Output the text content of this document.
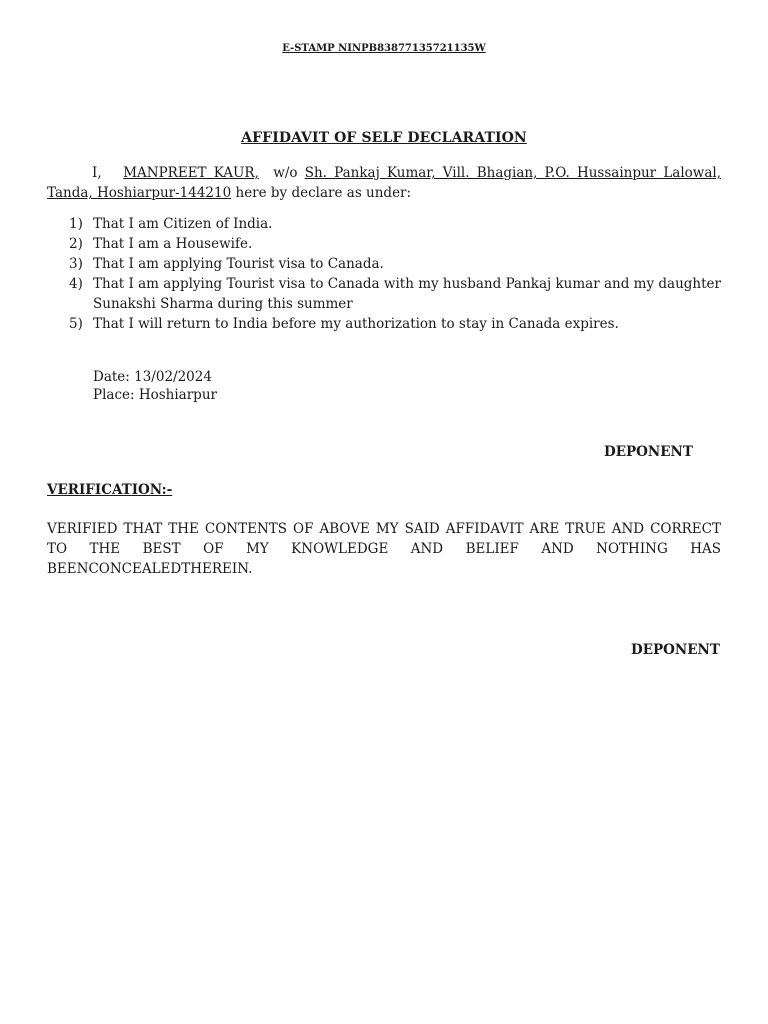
E-STAMP NINPB83877135721135W
AFFIDAVIT OF SELF DECLARATION
I, MANPREET KAUR, w/o Sh. Pankaj Kumar, Vill. Bhagian, P.O. Hussainpur Lalowal, Tanda, Hoshiarpur-144210 here by declare as under:
1) That I am Citizen of India.
2) That I am a Housewife.
3) That I am applying Tourist visa to Canada.
4) That I am applying Tourist visa to Canada with my husband Pankaj kumar and my daughter Sunakshi Sharma during this summer
5) That I will return to India before my authorization to stay in Canada expires.
Date: 13/02/2024
Place: Hoshiarpur
DEPONENT
VERIFICATION:-
VERIFIED THAT THE CONTENTS OF ABOVE MY SAID AFFIDAVIT ARE TRUE AND CORRECT TO THE BEST OF MY KNOWLEDGE AND BELIEF AND NOTHING HAS BEENCONCEALEDTHEREIN.
DEPONENT
